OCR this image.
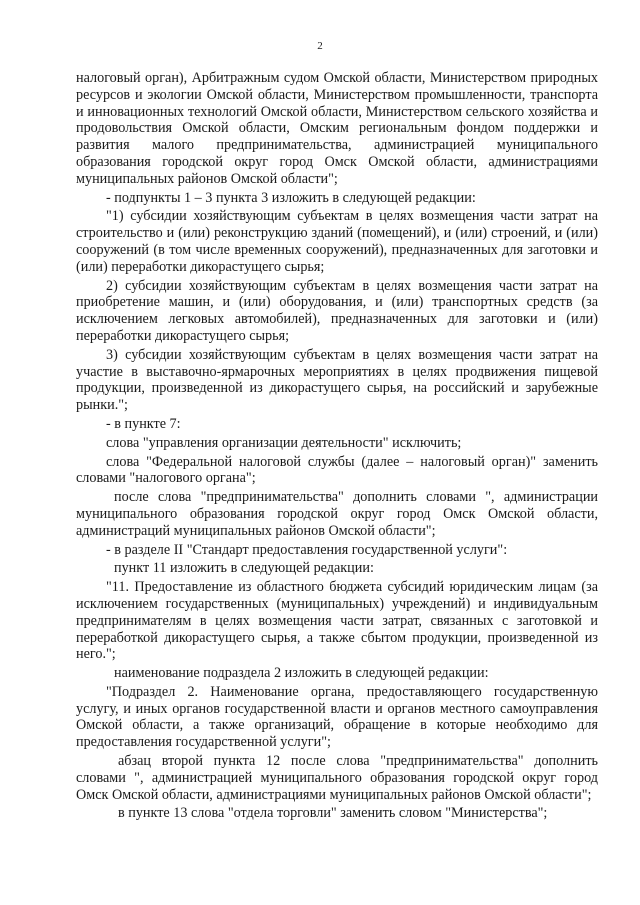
2

налоговый орган), Арбитражным судом Омской области, Министерством природных ресурсов и экологии Омской области, Министерством промышленности, транспорта и инновационных технологий Омской области, Министерством сельского хозяйства и продовольствия Омской области, Омским региональным фондом поддержки и развития малого предпринимательства, администрацией муниципального образования городской округ город Омск Омской области, администрациями муниципальных районов Омской области";

- подпункты 1 – 3 пункта 3 изложить в следующей редакции:

"1) субсидии хозяйствующим субъектам в целях возмещения части затрат на строительство и (или) реконструкцию зданий (помещений), и (или) строений, и (или) сооружений (в том числе временных сооружений), предназначенных для заготовки и (или) переработки дикорастущего сырья;

2) субсидии хозяйствующим субъектам в целях возмещения части затрат на приобретение машин, и (или) оборудования, и (или) транспортных средств (за исключением легковых автомобилей), предназначенных для заготовки и (или) переработки дикорастущего сырья;

3) субсидии хозяйствующим субъектам в целях возмещения части затрат на участие в выставочно-ярмарочных мероприятиях в целях продвижения пищевой продукции, произведенной из дикорастущего сырья, на российский и зарубежные рынки.";

- в пункте 7:

слова "управления организации деятельности" исключить;

слова "Федеральной налоговой службы (далее – налоговый орган)" заменить словами "налогового органа";

после слова "предпринимательства" дополнить словами ", администрации муниципального образования городской округ город Омск Омской области, администраций муниципальных районов Омской области";

- в разделе II "Стандарт предоставления государственной услуги":

пункт 11 изложить в следующей редакции:

"11. Предоставление из областного бюджета субсидий юридическим лицам (за исключением государственных (муниципальных) учреждений) и индивидуальным предпринимателям в целях возмещения части затрат, связанных с заготовкой и переработкой дикорастущего сырья, а также сбытом продукции, произведенной из него.";

наименование подраздела 2 изложить в следующей редакции:

"Подраздел 2. Наименование органа, предоставляющего государственную услугу, и иных органов государственной власти и органов местного самоуправления Омской области, а также организаций, обращение в которые необходимо для предоставления государственной услуги";

абзац второй пункта 12 после слова "предпринимательства" дополнить словами ", администрацией муниципального образования городской округ город Омск Омской области, администрациями муниципальных районов Омской области";

в пункте 13 слова "отдела торговли" заменить словом "Министерства";
